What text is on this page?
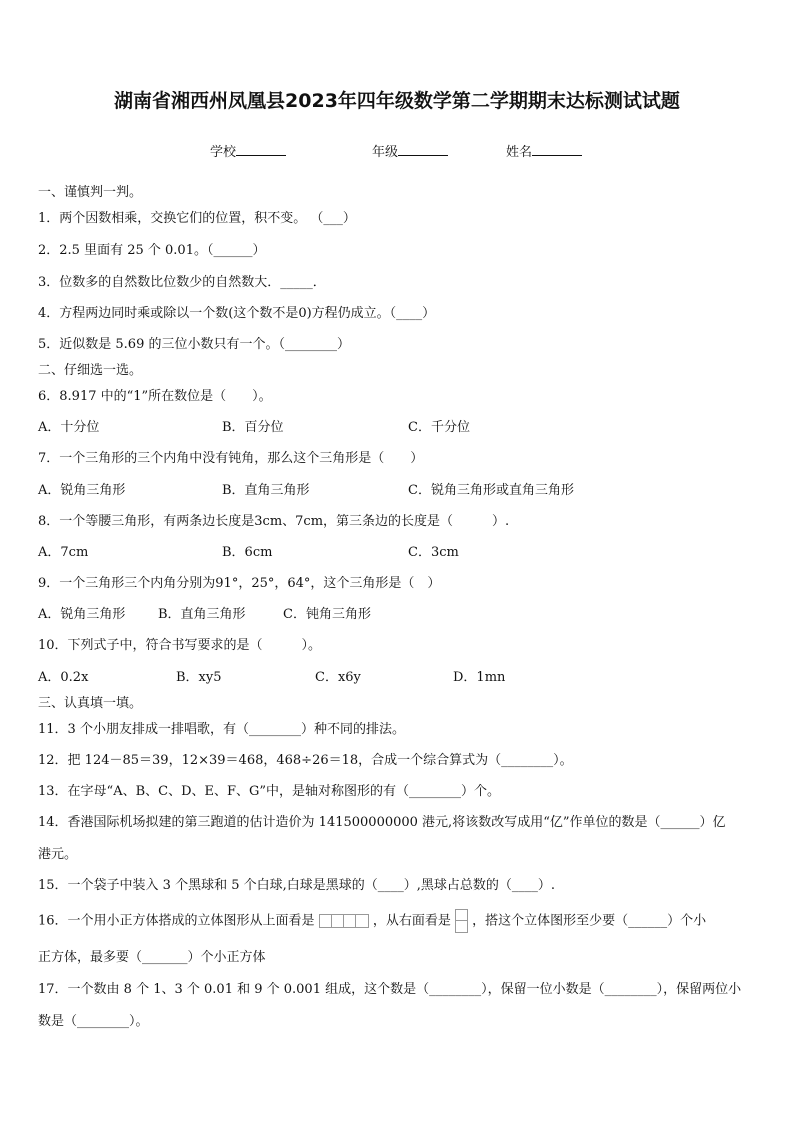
湖南省湘西州凤凰县2023年四年级数学第二学期期末达标测试试题
学校	年级	姓名
一、谨慎判一判。
1．两个因数相乘，交换它们的位置，积不变。 （___）
2．2.5 里面有 25 个 0.01。（______）
3．位数多的自然数比位数少的自然数大．_____．
4．方程两边同时乘或除以一个数(这个数不是0)方程仍成立。（____）
5．近似数是 5.69 的三位小数只有一个。（________）
二、仔细选一选。
6．8.917 中的“1”所在数位是（　　）。
A．十分位	B．百分位	C．千分位
7．一个三角形的三个内角中没有钝角，那么这个三角形是（　　）
A．锐角三角形	B．直角三角形	C．锐角三角形或直角三角形
8．一个等腰三角形，有两条边长度是3cm、7cm，第三条边的长度是（　　　）.
A．7cm	B．6cm	C．3cm
9．一个三角形三个内角分别为91°，25°，64°，这个三角形是（　）
A．锐角三角形	B．直角三角形	C．钝角三角形
10．下列式子中，符合书写要求的是（　　　）。
A．0.2x	B．xy5	C．x6y	D．1mn
三、认真填一填。
11．3 个小朋友排成一排唱歌，有（________）种不同的排法。
12．把 124－85＝39，12×39＝468，468÷26＝18，合成一个综合算式为（________）。
13．在字母“A、B、C、D、E、F、G”中，是轴对称图形的有（________）个。
14．香港国际机场拟建的第三跑道的估计造价为 141500000000 港元,将该数改写成用“亿”作单位的数是（______）亿
港元。
15．一个袋子中装入 3 个黑球和 5 个白球,白球是黑球的（____）,黑球占总数的（____）.
16．一个用小正方体搭成的立体图形从上面看是	，从右面看是 ，搭这个立体图形至少要（______）个小
正方体，最多要（_______）个小正方体
17．一个数由 8 个 1、3 个 0.01 和 9 个 0.001 组成，这个数是（________），保留一位小数是（________），保留两位小
数是（________）。
